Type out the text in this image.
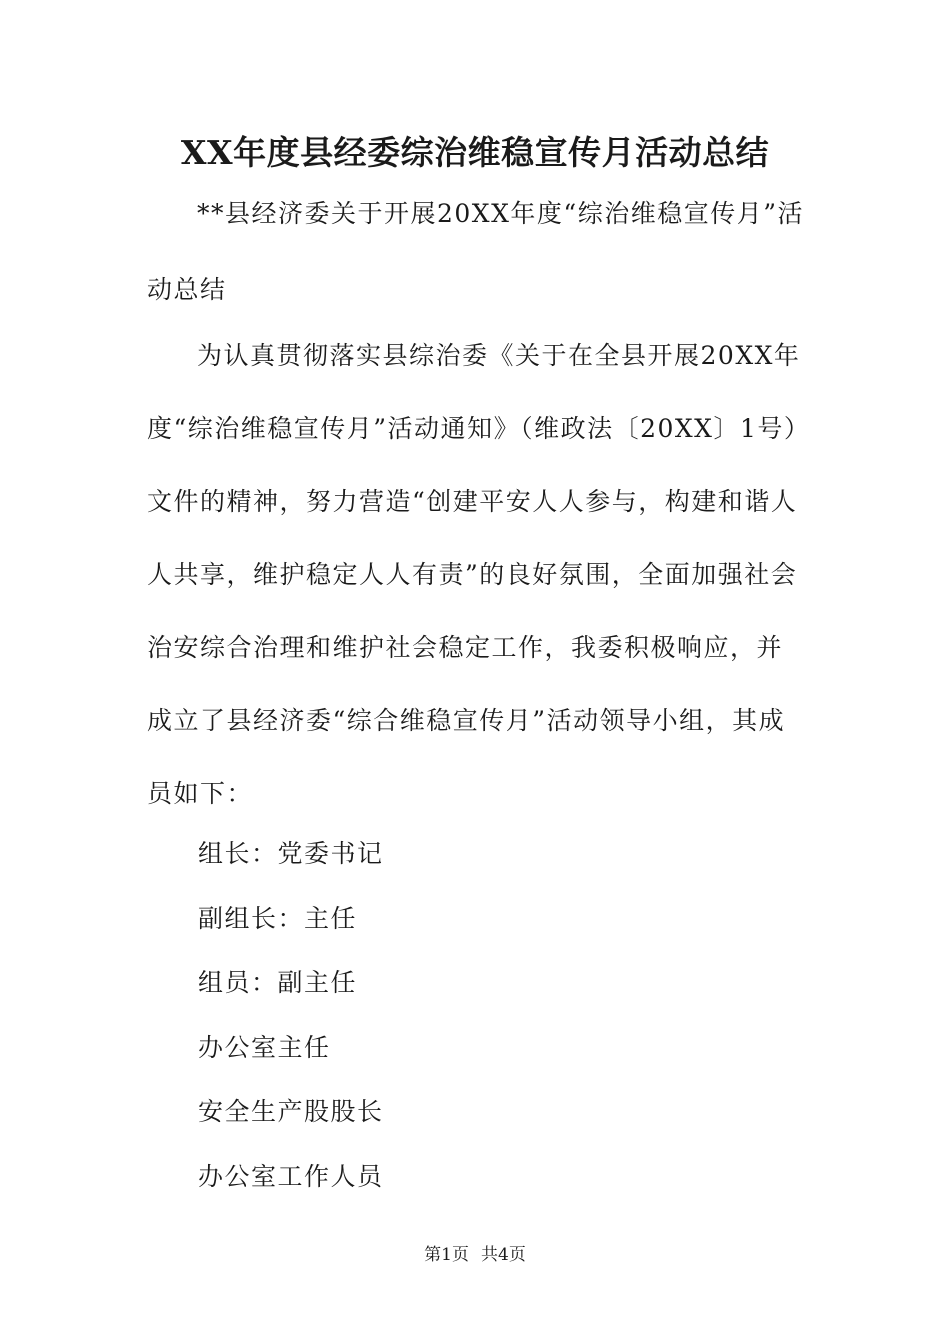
XX年度县经委综治维稳宣传月活动总结

**县经济委关于开展20XX年度“综治维稳宣传月”活动总结

为认真贯彻落实县综治委《关于在全县开展20XX年度“综治维稳宣传月”活动通知》（维政法〔20XX〕1号）文件的精神，努力营造“创建平安人人参与，构建和谐人人共享，维护稳定人人有责”的良好氛围，全面加强社会治安综合治理和维护社会稳定工作，我委积极响应，并成立了县经济委“综合维稳宣传月”活动领导小组，其成员如下：

组长：党委书记
副组长：主任
组员：副主任
办公室主任
安全生产股股长
办公室工作人员
第1页 共4页
